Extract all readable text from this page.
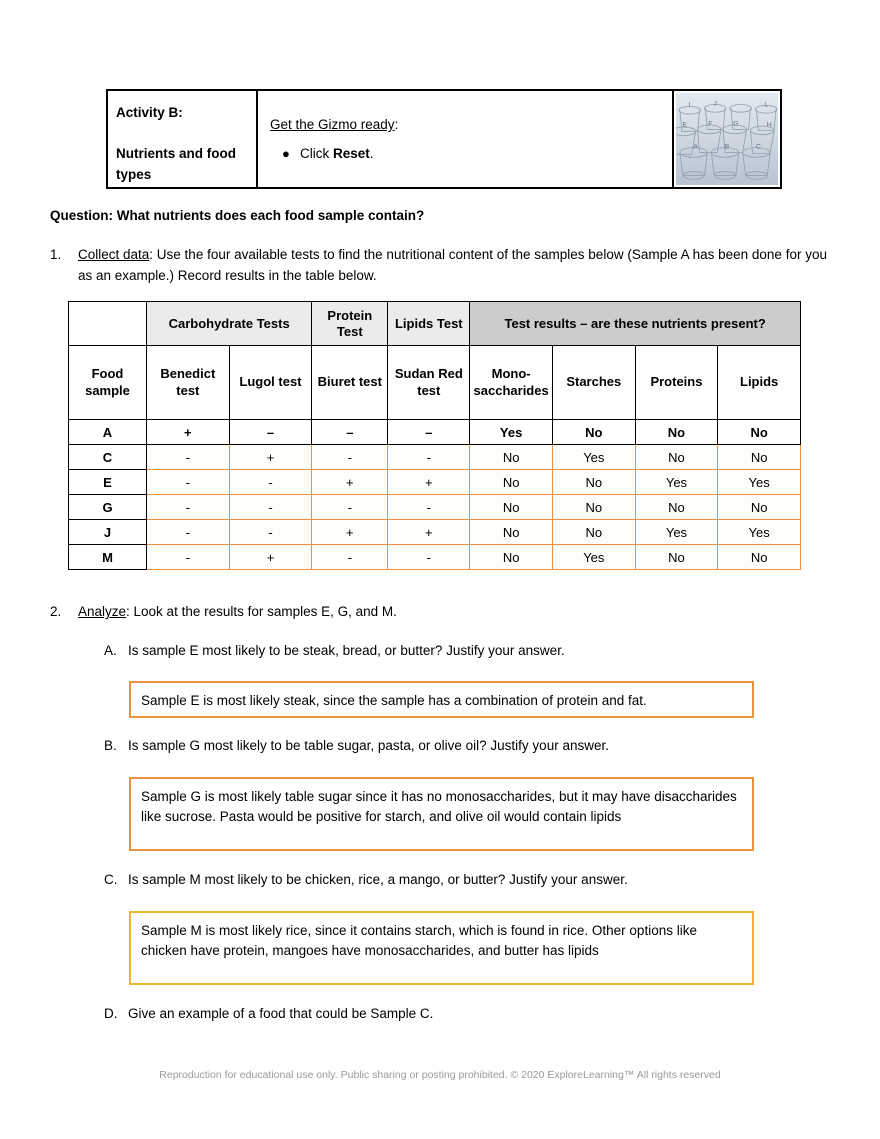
Activity B:
Nutrients and food types
Get the Gizmo ready:
● Click Reset.
I	J	L
E	F	G	H
A	B	C
Question: What nutrients does each food sample contain?
1. Collect data: Use the four available tests to find the nutritional content of the samples below (Sample A has been done for you as an example.) Record results in the table below.
	Carbohydrate Tests		Protein Test	Lipids Test	Test results – are these nutrients present?			
Food sample	Benedict test	Lugol test	Biuret test	Sudan Red test	Mono- saccharides	Starches	Proteins	Lipids
A	+	–	–	–	Yes	No	No	No
C	-	+	-	-	No	Yes	No	No
E	-	-	+	+	No	No	Yes	Yes
G	-	-	-	-	No	No	No	No
J	-	-	+	+	No	No	Yes	Yes
M	-	+	-	-	No	Yes	No	No
2. Analyze: Look at the results for samples E, G, and M.
A. Is sample E most likely to be steak, bread, or butter? Justify your answer.
Sample E is most likely steak, since the sample has a combination of protein and fat.
B. Is sample G most likely to be table sugar, pasta, or olive oil? Justify your answer.
Sample G is most likely table sugar since it has no monosaccharides, but it may have disaccharides like sucrose. Pasta would be positive for starch, and olive oil would contain lipids
C. Is sample M most likely to be chicken, rice, a mango, or butter? Justify your answer.
Sample M is most likely rice, since it contains starch, which is found in rice. Other options like chicken have protein, mangoes have monosaccharides, and butter has lipids
D. Give an example of a food that could be Sample C.
Reproduction for educational use only. Public sharing or posting prohibited. © 2020 ExploreLearning™ All rights reserved
